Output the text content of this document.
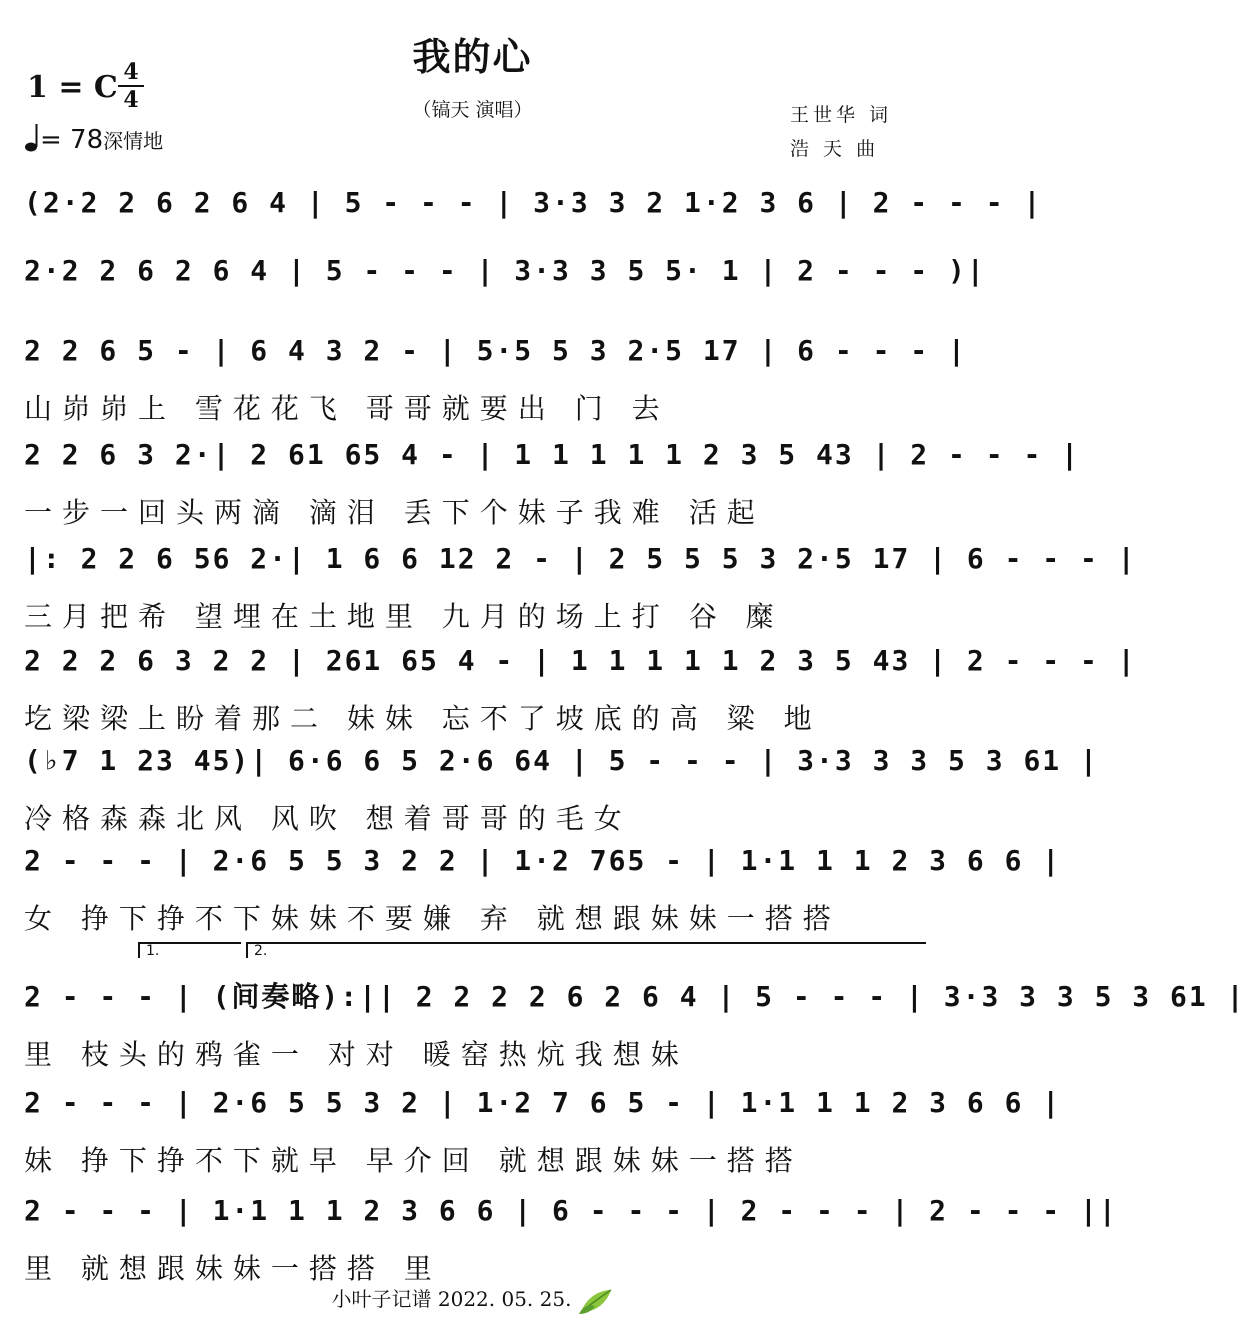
我的心
（镐天 演唱）
1 = C 4
4
= 78深情地
王世华 词
浩 天 曲
1.	2.
(2·2 2 6 2 6 4 | 5 - - - | 3·3 3 2 1·2 3 6 | 2 - - - |
2·2 2 6 2 6 4 | 5 - - - | 3·3 3 5 5· 1 | 2 - - - )|
2 2 6 5 - | 6 4 3 2 - | 5·5 5 3 2·5 17 | 6 - - - |
山峁峁上 雪花花飞 哥哥就要出 门 去
2 2 6 3 2·| 2 61 65 4 - | 1 1 1 1 1 2 3 5 43 | 2 - - - |
一步一回头两滴 滴泪 丢下个妹子我难 活起
|: 2 2 6 56 2·| 1 6 6 12 2 - | 2 5 5 5 3 2·5 17 | 6 - - - |
三月把希 望埋在土地里 九月的场上打 谷 糜
2 2 2 6 3 2 2 | 261 65 4 - | 1 1 1 1 1 2 3 5 43 | 2 - - - |
圪梁梁上盼着那二 妹妹 忘不了坡底的高 粱 地
(♭7 1 23 45)| 6·6 6 5 2·6 64 | 5 - - - | 3·3 3 3 5 3 61 |
冷格森森北风 风吹 想着哥哥的毛女
2 - - - | 2·6 5 5 3 2 2 | 1·2 765 - | 1·1 1 1 2 3 6 6 |
女 挣下挣不下妹妹不要嫌 弃 就想跟妹妹一搭搭
2 - - - | (间奏略):|| 2 2 2 2 6 2 6 4 | 5 - - - | 3·3 3 3 5 3 61 |
里 枝头的鸦雀一 对对 暖窑热炕我想妹
2 - - - | 2·6 5 5 3 2 | 1·2 7 6 5 - | 1·1 1 1 2 3 6 6 |
妹 挣下挣不下就早 早介回 就想跟妹妹一搭搭
2 - - - | 1·1 1 1 2 3 6 6 | 6 - - - | 2 - - - | 2 - - - ||
里 就想跟妹妹一搭搭 里
小叶子记谱 2022. 05. 25.
